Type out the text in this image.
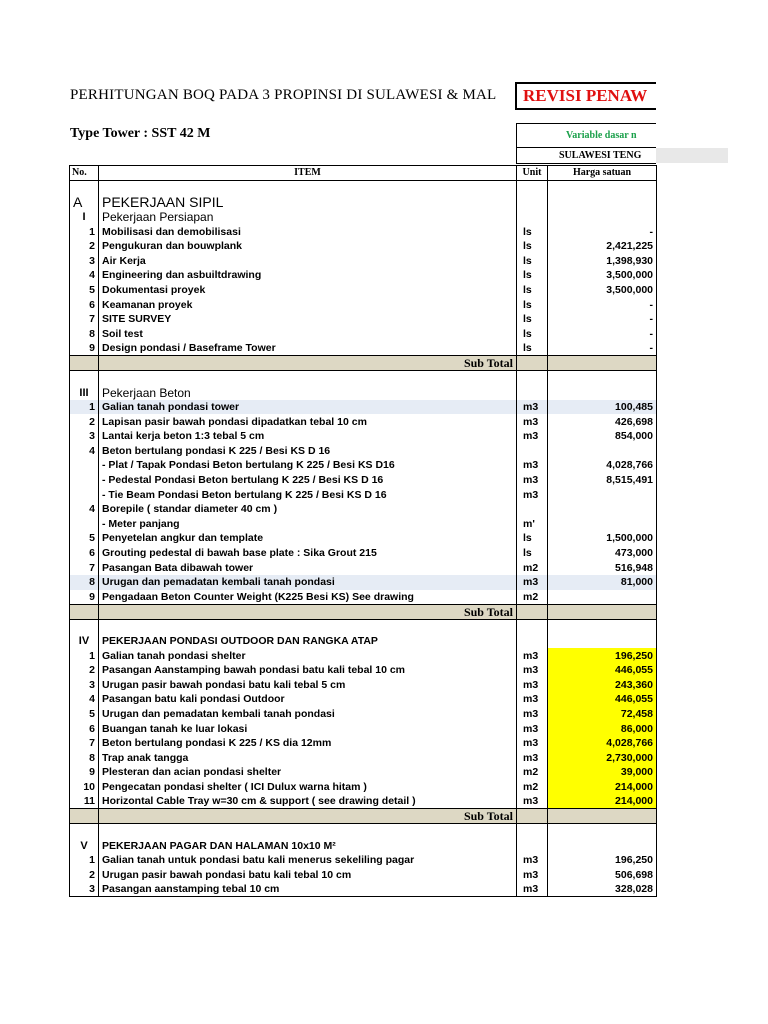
PERHITUNGAN BOQ PADA 3 PROPINSI DI SULAWESI & MAL	REVISI PENAW
Type Tower : SST 42 M	Variable dasar n
SULAWESI TENG
No.	ITEM	Unit	Harga satuan

A	PEKERJAAN SIPIL		
I	Pekerjaan Persiapan		
1	Mobilisasi dan demobilisasi	ls	-
2	Pengukuran dan bouwplank	ls	2,421,225
3	Air Kerja	ls	1,398,930
4	Engineering dan asbuiltdrawing	ls	3,500,000
5	Dokumentasi proyek	ls	3,500,000
6	Keamanan proyek	ls	-
7	SITE SURVEY	ls	-
8	Soil test	ls	-
9	Design pondasi / Baseframe Tower	ls	-
	Sub Total		

III	Pekerjaan Beton		
1	Galian tanah pondasi tower	m3	100,485
2	Lapisan pasir bawah pondasi dipadatkan tebal 10 cm	m3	426,698
3	Lantai kerja beton 1:3 tebal 5 cm	m3	854,000
4	Beton bertulang pondasi K 225 / Besi KS D 16		
	- Plat / Tapak Pondasi Beton bertulang K 225 / Besi KS D16	m3	4,028,766
	- Pedestal Pondasi Beton bertulang K 225 / Besi KS D 16	m3	8,515,491
	- Tie Beam Pondasi Beton bertulang K 225 / Besi KS D 16	m3	
4	Borepile ( standar diameter 40 cm )		
	- Meter panjang	m'	
5	Penyetelan angkur dan template	ls	1,500,000
6	Grouting pedestal di bawah base plate : Sika Grout 215	ls	473,000
7	Pasangan Bata dibawah tower	m2	516,948
8	Urugan dan pemadatan kembali tanah pondasi	m3	81,000
9	Pengadaan Beton Counter Weight (K225 Besi KS) See drawing	m2	
	Sub Total		

IV	PEKERJAAN PONDASI OUTDOOR DAN RANGKA ATAP		
1	Galian tanah pondasi shelter	m3	196,250
2	Pasangan Aanstamping bawah pondasi batu kali tebal 10 cm	m3	446,055
3	Urugan pasir bawah pondasi batu kali tebal 5 cm	m3	243,360
4	Pasangan batu kali pondasi Outdoor	m3	446,055
5	Urugan dan pemadatan kembali tanah pondasi	m3	72,458
6	Buangan tanah ke luar lokasi	m3	86,000
7	Beton bertulang pondasi K 225 / KS dia 12mm	m3	4,028,766
8	Trap anak tangga	m3	2,730,000
9	Plesteran dan acian pondasi shelter	m2	39,000
10	Pengecatan pondasi shelter ( ICI Dulux warna hitam )	m2	214,000
11	Horizontal Cable Tray w=30 cm & support ( see drawing detail )	m3	214,000
	Sub Total		

V	PEKERJAAN PAGAR DAN HALAMAN 10x10 M²		
1	Galian tanah untuk pondasi batu kali menerus sekeliling pagar	m3	196,250
2	Urugan pasir bawah pondasi batu kali tebal 10 cm	m3	506,698
3	Pasangan aanstamping tebal 10 cm	m3	328,028
